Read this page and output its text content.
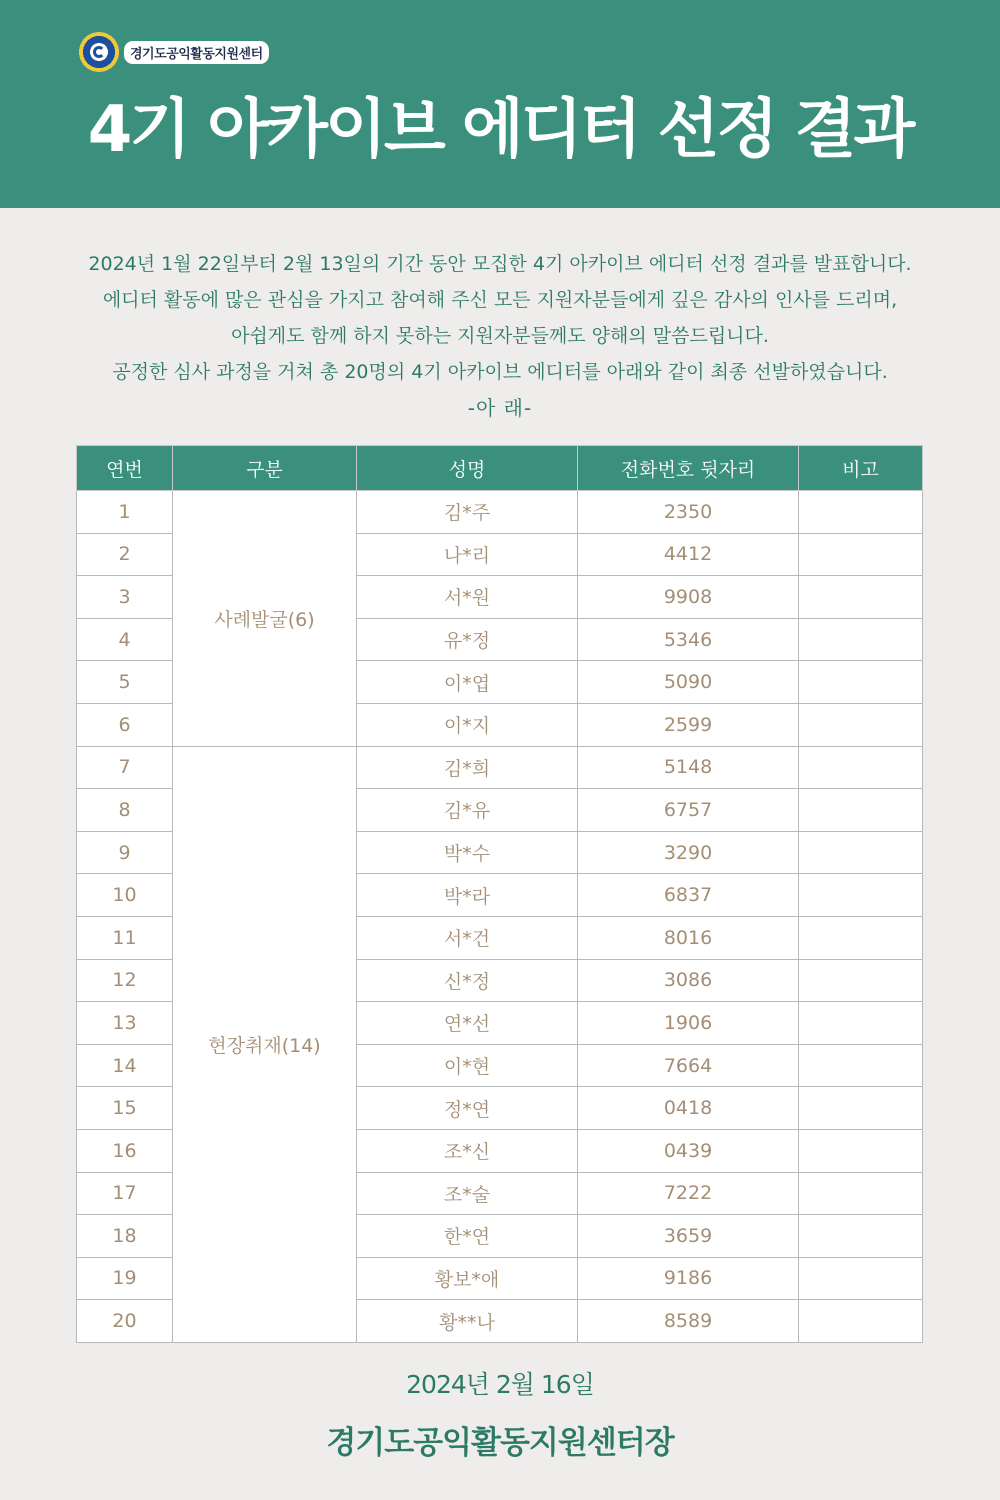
경기도공익활동지원센터
4기 아카이브 에디터 선정 결과

2024년 1월 22일부터 2월 13일의 기간 동안 모집한 4기 아카이브 에디터 선정 결과를 발표합니다.

에디터 활동에 많은 관심을 가지고 참여해 주신 모든 지원자분들에게 깊은 감사의 인사를 드리며,

아쉽게도 함께 하지 못하는 지원자분들께도 양해의 말씀드립니다.

공정한 심사 과정을 거쳐 총 20명의 4기 아카이브 에디터를 아래와 같이 최종 선발하였습니다.

-아 래-
연번	구분	성명	전화번호 뒷자리	비고
1	사례발굴(6)	김*주	2350	
2		나*리	4412	
3		서*원	9908	
4		유*정	5346	
5		이*엽	5090	
6		이*지	2599	
7	현장취재(14)	김*희	5148	
8		김*유	6757	
9		박*수	3290	
10		박*라	6837	
11		서*건	8016	
12		신*정	3086	
13		연*선	1906	
14		이*현	7664	
15		정*연	0418	
16		조*신	0439	
17		조*술	7222	
18		한*연	3659	
19		황보*애	9186	
20		황**나	8589	
2024년 2월 16일
경기도공익활동지원센터장
